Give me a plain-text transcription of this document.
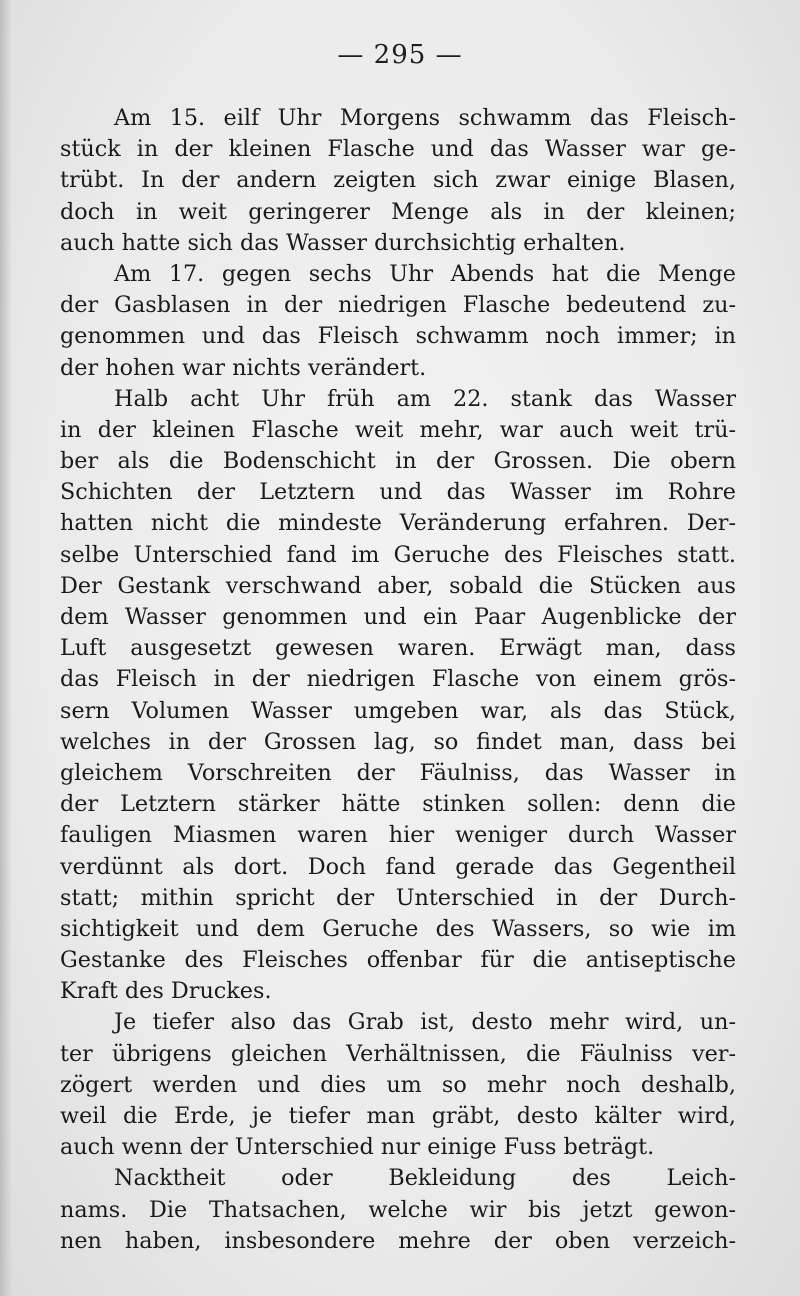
— 295 —
Am 15. eilf Uhr Morgens schwamm das Fleisch-
stück in der kleinen Flasche und das Wasser war ge-
trübt. In der andern zeigten sich zwar einige Blasen,
doch in weit geringerer Menge als in der kleinen;
auch hatte sich das Wasser durchsichtig erhalten.
Am 17. gegen sechs Uhr Abends hat die Menge
der Gasblasen in der niedrigen Flasche bedeutend zu-
genommen und das Fleisch schwamm noch immer; in
der hohen war nichts verändert.
Halb acht Uhr früh am 22. stank das Wasser
in der kleinen Flasche weit mehr, war auch weit trü-
ber als die Bodenschicht in der Grossen. Die obern
Schichten der Letztern und das Wasser im Rohre
hatten nicht die mindeste Veränderung erfahren. Der-
selbe Unterschied fand im Geruche des Fleisches statt.
Der Gestank verschwand aber, sobald die Stücken aus
dem Wasser genommen und ein Paar Augenblicke der
Luft ausgesetzt gewesen waren. Erwägt man, dass
das Fleisch in der niedrigen Flasche von einem grös-
sern Volumen Wasser umgeben war, als das Stück,
welches in der Grossen lag, so findet man, dass bei
gleichem Vorschreiten der Fäulniss, das Wasser in
der Letztern stärker hätte stinken sollen: denn die
fauligen Miasmen waren hier weniger durch Wasser
verdünnt als dort. Doch fand gerade das Gegentheil
statt; mithin spricht der Unterschied in der Durch-
sichtigkeit und dem Geruche des Wassers, so wie im
Gestanke des Fleisches offenbar für die antiseptische
Kraft des Druckes.
Je tiefer also das Grab ist, desto mehr wird, un-
ter übrigens gleichen Verhältnissen, die Fäulniss ver-
zögert werden und dies um so mehr noch deshalb,
weil die Erde, je tiefer man gräbt, desto kälter wird,
auch wenn der Unterschied nur einige Fuss beträgt.
Nacktheit oder Bekleidung des Leich-
nams. Die Thatsachen, welche wir bis jetzt gewon-
nen haben, insbesondere mehre der oben verzeich-
